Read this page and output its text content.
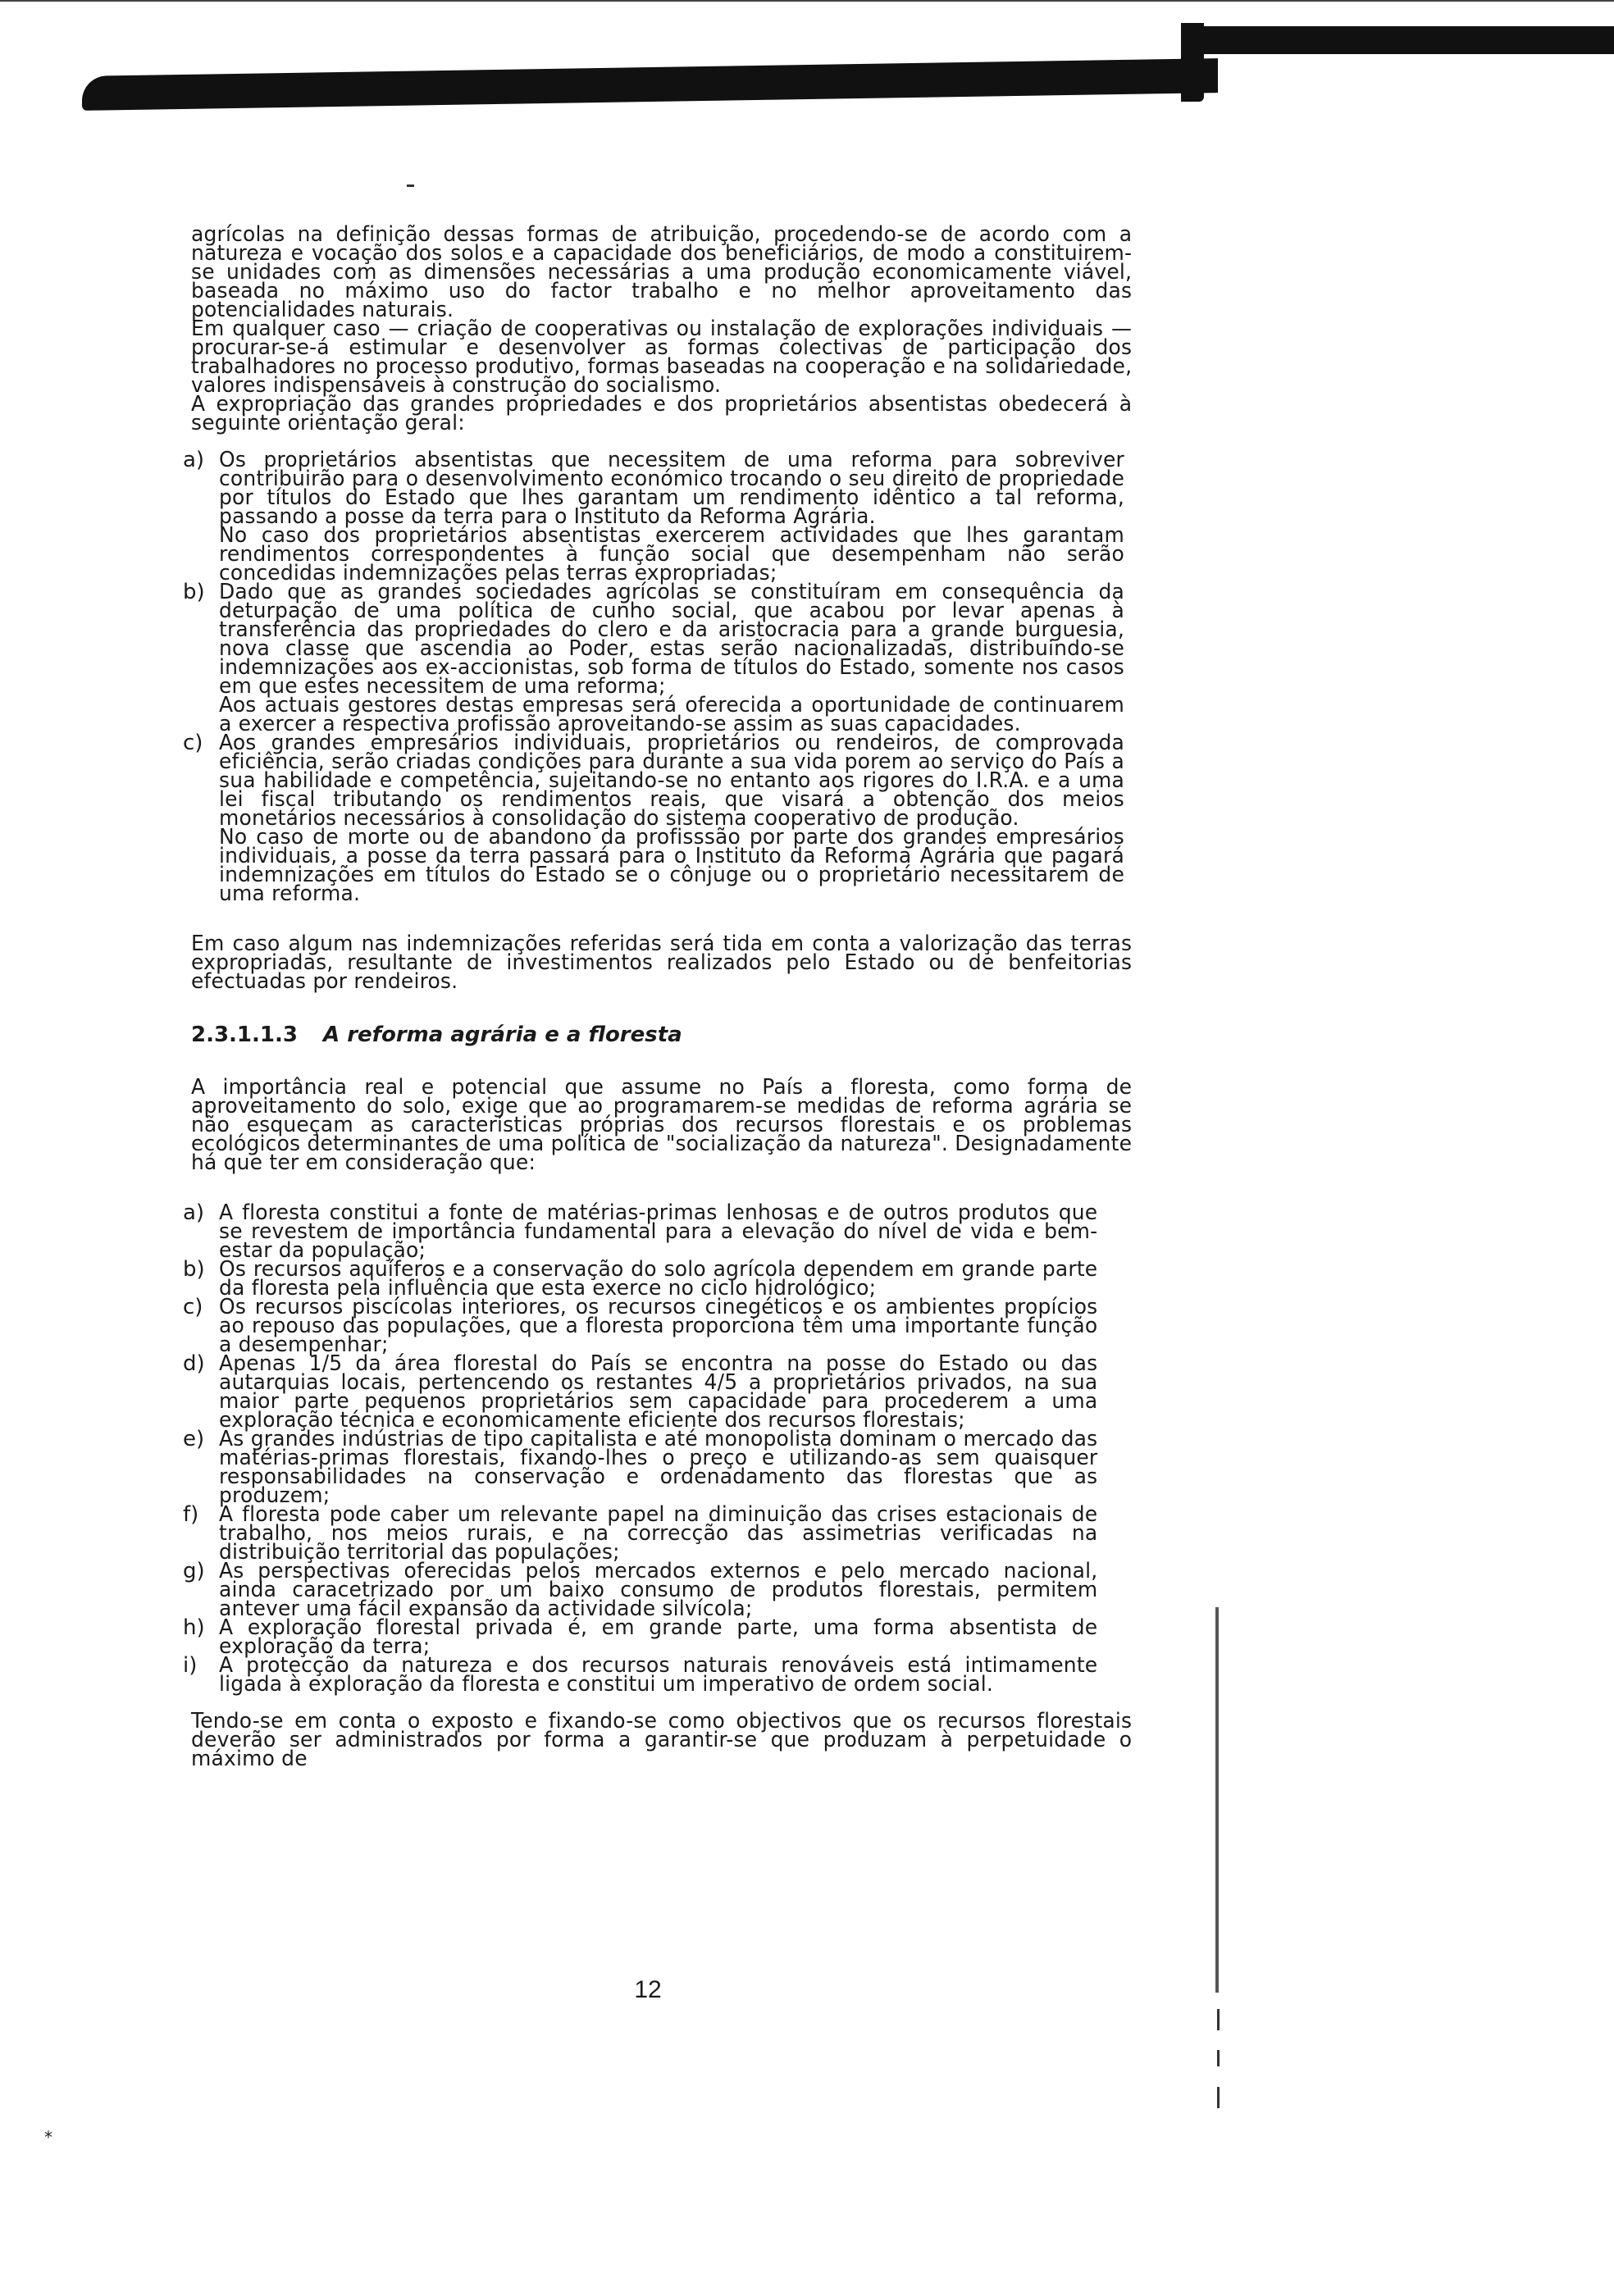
⁎

agrícolas na definição dessas formas de atribuição, procedendo-se de acordo com a natureza e vocação dos solos e a capacidade dos beneficiários, de modo a constituirem-se unidades com as dimensões necessárias a uma produção economicamente viável, baseada no máximo uso do factor trabalho e no melhor aproveitamento das potencialidades naturais.

Em qualquer caso — criação de cooperativas ou instalação de explorações individuais — procurar-se-á estimular e desenvolver as formas colectivas de participação dos trabalhadores no processo produtivo, formas baseadas na cooperação e na solidariedade, valores indispensáveis à construção do socialismo.

A expropriação das grandes propriedades e dos proprietários absentistas obedecerá à seguinte orientação geral:

a) Os proprietários absentistas que necessitem de uma reforma para sobreviver contribuirão para o desenvolvimento económico trocando o seu direito de propriedade por títulos do Estado que lhes garantam um rendimento idêntico a tal reforma, passando a posse da terra para o Instituto da Reforma Agrária.

No caso dos proprietários absentistas exercerem actividades que lhes garantam rendimentos correspondentes à função social que desempenham não serão concedidas indemnizações pelas terras expropriadas;

b) Dado que as grandes sociedades agrícolas se constituíram em consequência da deturpação de uma política de cunho social, que acabou por levar apenas à transferência das propriedades do clero e da aristocracia para a grande burguesia, nova classe que ascendia ao Poder, estas serão nacionalizadas, distribuindo-se indemnizações aos ex-accionistas, sob forma de títulos do Estado, somente nos casos em que estes necessitem de uma reforma;

Aos actuais gestores destas empresas será oferecida a oportunidade de continuarem a exercer a respectiva profissão aproveitando-se assim as suas capacidades.

c) Aos grandes empresários individuais, proprietários ou rendeiros, de comprovada eficiência, serão criadas condições para durante a sua vida porem ao serviço do País a sua habilidade e competência, sujeitando-se no entanto aos rigores do I.R.A. e a uma lei fiscal tributando os rendimentos reais, que visará a obtenção dos meios monetários necessários à consolidação do sistema cooperativo de produção.

No caso de morte ou de abandono da profisssão por parte dos grandes empresários individuais, a posse da terra passará para o Instituto da Reforma Agrária que pagará indemnizações em títulos do Estado se o cônjuge ou o proprietário necessitarem de uma reforma.

Em caso algum nas indemnizações referidas será tida em conta a valorização das terras expropriadas, resultante de investimentos realizados pelo Estado ou de benfeitorias efectuadas por rendeiros.

2.3.1.1.3 A reforma agrária e a floresta

A importância real e potencial que assume no País a floresta, como forma de aproveitamento do solo, exige que ao programarem-se medidas de reforma agrária se não esqueçam as características próprias dos recursos florestais e os problemas ecológicos determinantes de uma política de "socialização da natureza". Designadamente há que ter em consideração que:

a) A floresta constitui a fonte de matérias-primas lenhosas e de outros produtos que se revestem de importância fundamental para a elevação do nível de vida e bem-estar da população;

b) Os recursos aquíferos e a conservação do solo agrícola dependem em grande parte da floresta pela influência que esta exerce no ciclo hidrológico;

c) Os recursos piscícolas interiores, os recursos cinegéticos e os ambientes propícios ao repouso das populações, que a floresta proporciona têm uma importante função a desempenhar;

d) Apenas 1/5 da área florestal do País se encontra na posse do Estado ou das autarquias locais, pertencendo os restantes 4/5 a proprietários privados, na sua maior parte pequenos proprietários sem capacidade para procederem a uma exploração técnica e economicamente eficiente dos recursos florestais;

e) As grandes indústrias de tipo capitalista e até monopolista dominam o mercado das matérias-primas florestais, fixando-lhes o preço e utilizando-as sem quaisquer responsabilidades na conservação e ordenadamento das florestas que as produzem;

f) A floresta pode caber um relevante papel na diminuição das crises estacionais de trabalho, nos meios rurais, e na correcção das assimetrias verificadas na distribuição territorial das populações;

g) As perspectivas oferecidas pelos mercados externos e pelo mercado nacional, ainda caracetrizado por um baixo consumo de produtos florestais, permitem antever uma fácil expansão da actividade silvícola;

h) A exploração florestal privada é, em grande parte, uma forma absentista de exploração da terra;

i)	A protecção da natureza e dos recursos naturais renováveis está intimamente ligada à exploração da floresta e constitui um imperativo de ordem social.

Tendo-se em conta o exposto e fixando-se como objectivos que os recursos florestais deverão ser administrados por forma a garantir-se que produzam à perpetuidade o máximo de

12
